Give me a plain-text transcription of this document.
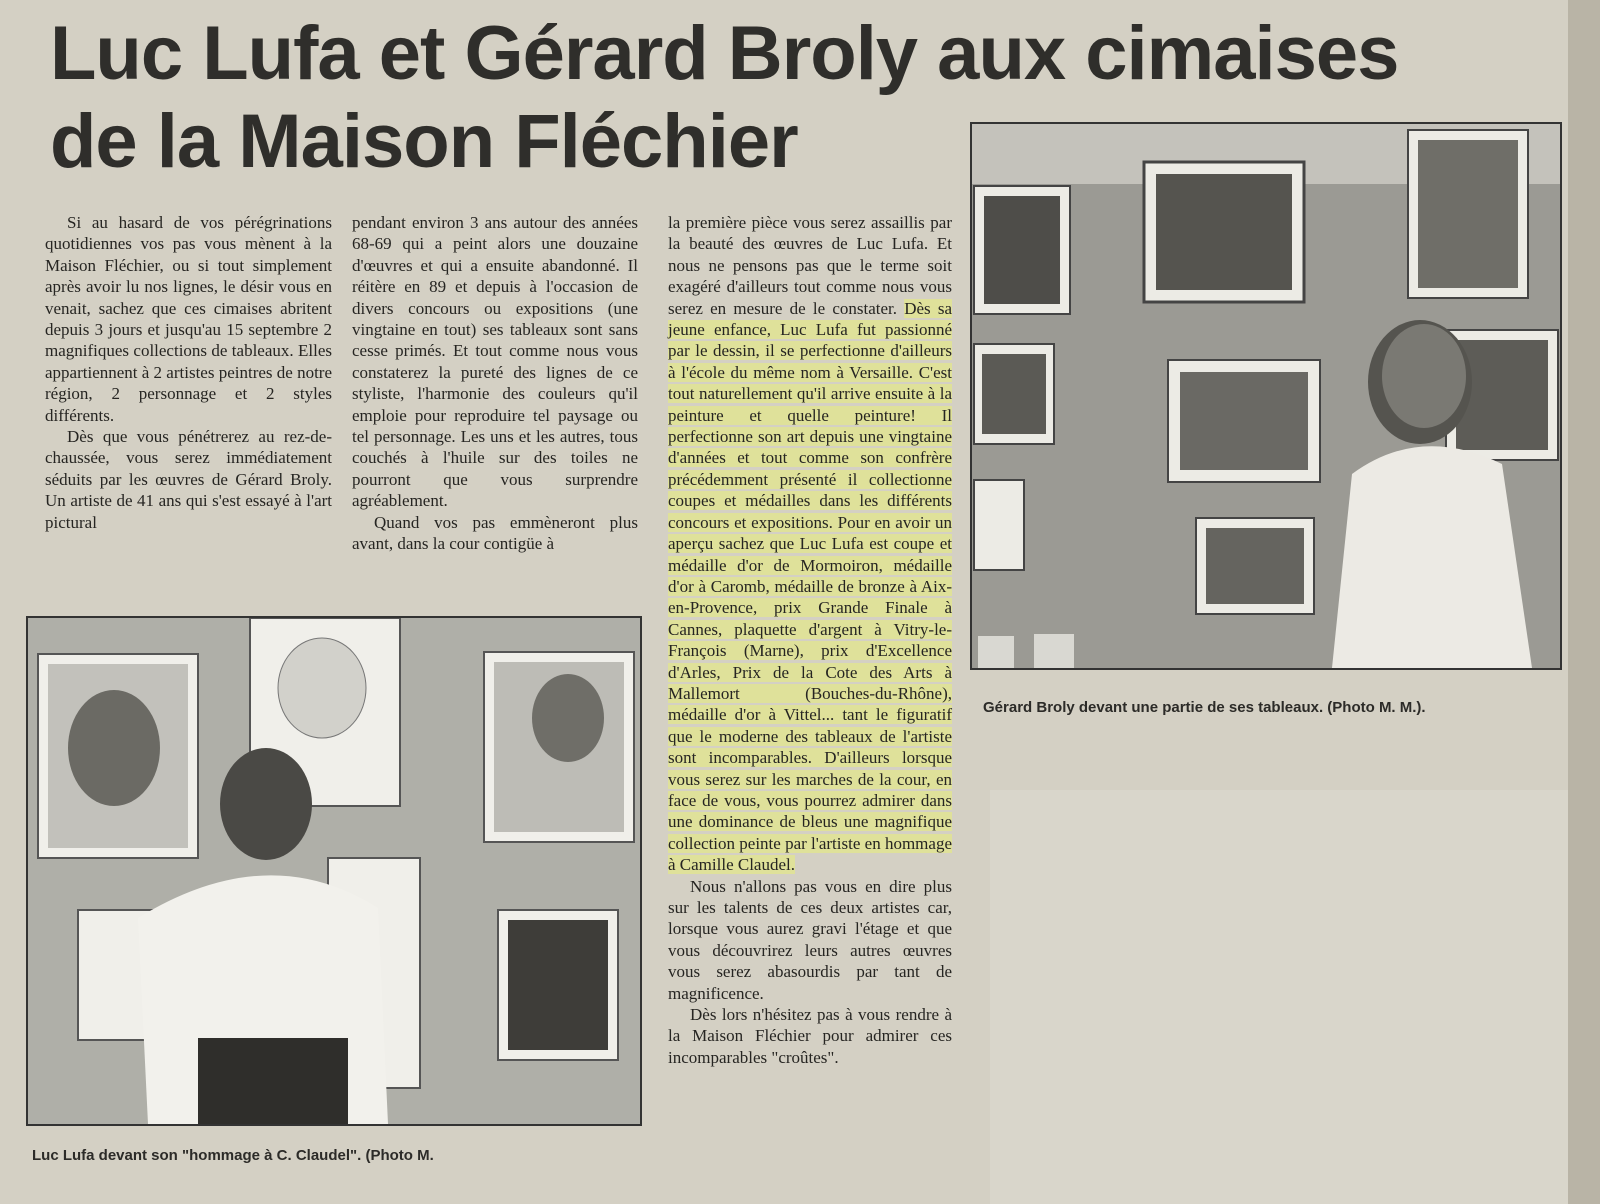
Luc Lufa et Gérard Broly aux cimaises
de la Maison Fléchier

Si au hasard de vos pérégrinations quotidiennes vos pas vous mènent à la Maison Fléchier, ou si tout simplement après avoir lu nos lignes, le désir vous en venait, sachez que ces cimaises abritent depuis 3 jours et jusqu'au 15 septembre 2 magnifiques collections de tableaux. Elles appartiennent à 2 artistes peintres de notre région, 2 personnage et 2 styles différents.

Dès que vous pénétrerez au rez-de-chaussée, vous serez immédiatement séduits par les œuvres de Gérard Broly. Un artiste de 41 ans qui s'est essayé à l'art pictural

pendant environ 3 ans autour des années 68-69 qui a peint alors une douzaine d'œuvres et qui a ensuite abandonné. Il réitère en 89 et depuis à l'occasion de divers concours ou expositions (une vingtaine en tout) ses tableaux sont sans cesse primés. Et tout comme nous vous constaterez la pureté des lignes de ce styliste, l'harmonie des couleurs qu'il emploie pour reproduire tel paysage ou tel personnage. Les uns et les autres, tous couchés à l'huile sur des toiles ne pourront que vous surprendre agréablement.

Quand vos pas emmèneront plus avant, dans la cour contigüe à

la première pièce vous serez assaillis par la beauté des œuvres de Luc Lufa. Et nous ne pensons pas que le terme soit exagéré d'ailleurs tout comme nous vous serez en mesure de le constater. Dès sa jeune enfance, Luc Lufa fut passionné par le dessin, il se perfectionne d'ailleurs à l'école du même nom à Versaille. C'est tout naturellement qu'il arrive ensuite à la peinture et quelle peinture! Il perfectionne son art depuis une vingtaine d'années et tout comme son confrère précédemment présenté il collectionne coupes et médailles dans les différents concours et expositions. Pour en avoir un aperçu sachez que Luc Lufa est coupe et médaille d'or de Mormoiron, médaille d'or à Caromb, médaille de bronze à Aix-en-Provence, prix Grande Finale à Cannes, plaquette d'argent à Vitry-le-François (Marne), prix d'Excellence d'Arles, Prix de la Cote des Arts à Mallemort (Bouches-du-Rhône), médaille d'or à Vittel... tant le figuratif que le moderne des tableaux de l'artiste sont incomparables. D'ailleurs lorsque vous serez sur les marches de la cour, en face de vous, vous pourrez admirer dans une dominance de bleus une magnifique collection peinte par l'artiste en hommage à Camille Claudel.

Nous n'allons pas vous en dire plus sur les talents de ces deux artistes car, lorsque vous aurez gravi l'étage et que vous découvrirez leurs autres œuvres vous serez abasourdis par tant de magnificence.

Dès lors n'hésitez pas à vous rendre à la Maison Fléchier pour admirer ces incomparables "croûtes".

Gérard Broly devant une partie de ses tableaux. (Photo M. M.).
Luc Lufa devant son "hommage à C. Claudel". (Photo M.
